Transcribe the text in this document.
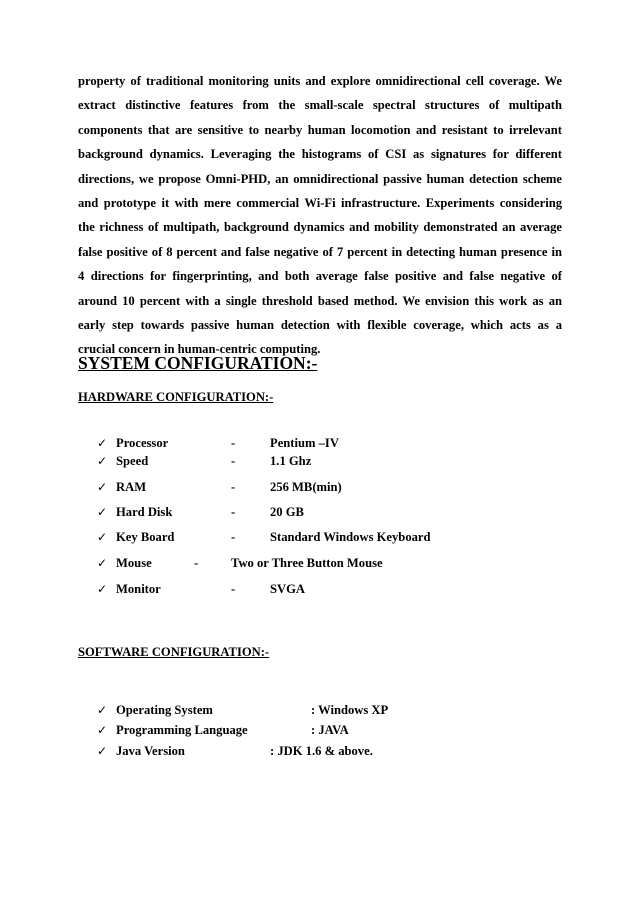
property of traditional monitoring units and explore omnidirectional cell coverage. We
extract distinctive features from the small-scale spectral structures of multipath
components that are sensitive to nearby human locomotion and resistant to irrelevant
background dynamics. Leveraging the histograms of CSI as signatures for different
directions, we propose Omni-PHD, an omnidirectional passive human detection scheme
and prototype it with mere commercial Wi-Fi infrastructure. Experiments considering
the richness of multipath, background dynamics and mobility demonstrated an average
false positive of 8 percent and false negative of 7 percent in detecting human presence in
4 directions for fingerprinting, and both average false positive and false negative of
around 10 percent with a single threshold based method. We envision this work as an
early step towards passive human detection with flexible coverage, which acts as a
crucial concern in human-centric computing.
SYSTEM CONFIGURATION:-
HARDWARE CONFIGURATION:-
✓ Processor	-	Pentium –IV
✓ Speed	-	1.1 Ghz
✓ RAM	-	256 MB(min)
✓ Hard Disk	-	20 GB
✓ Key Board	-	Standard Windows Keyboard
✓ Mouse	-	Two or Three Button Mouse
✓ Monitor	-	SVGA
SOFTWARE CONFIGURATION:-
✓ Operating System	: Windows XP
✓ Programming Language	: JAVA
✓ Java Version	: JDK 1.6 & above.
